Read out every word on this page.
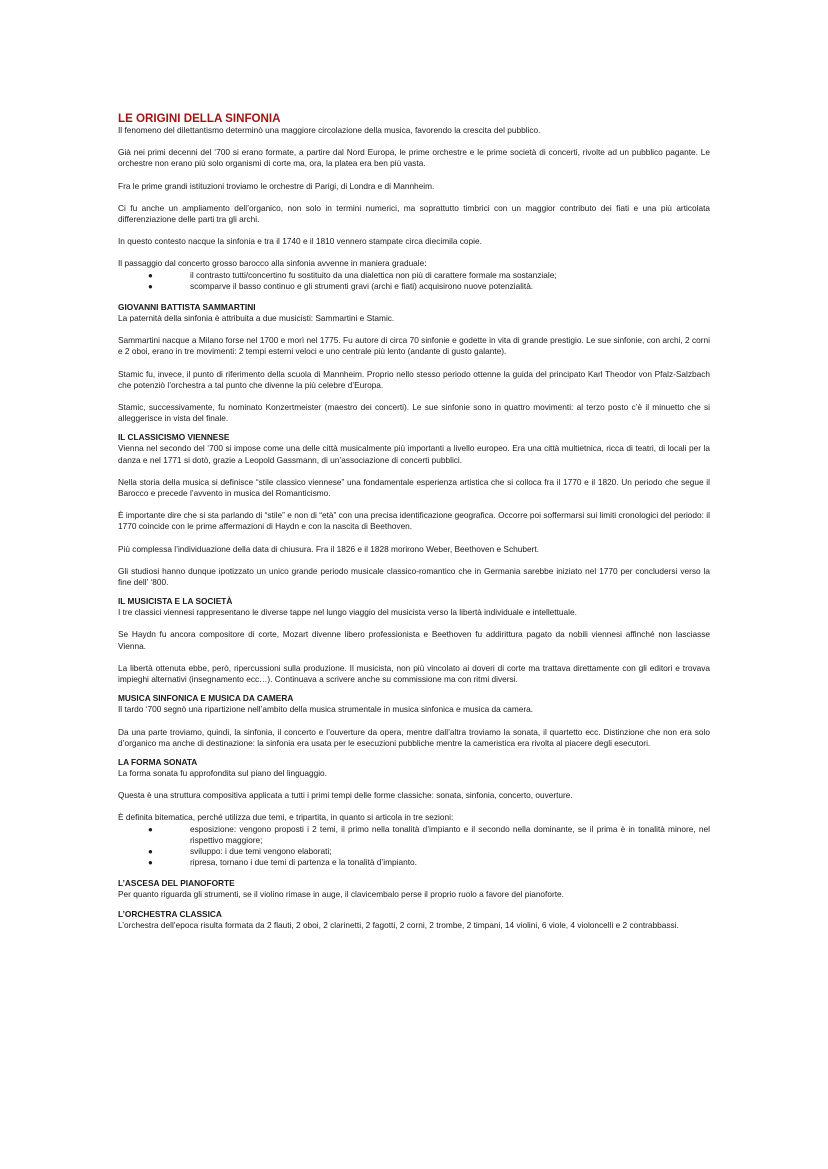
LE ORIGINI DELLA SINFONIA

Il fenomeno del dilettantismo determinò una maggiore circolazione della musica, favorendo la crescita del pubblico.

Già nei primi decenni del ‘700 si erano formate, a partire dal Nord Europa, le prime orchestre e le prime società di concerti, rivolte ad un pubblico pagante. Le orchestre non erano più solo organismi di corte ma, ora, la platea era ben più vasta.

Fra le prime grandi istituzioni troviamo le orchestre di Parigi, di Londra e di Mannheim.

Ci fu anche un ampliamento dell’organico, non solo in termini numerici, ma soprattutto timbrici con un maggior contributo dei fiati e una più articolata differenziazione delle parti tra gli archi.

In questo contesto nacque la sinfonia e tra il 1740 e il 1810 vennero stampate circa diecimila copie.

Il passaggio dal concerto grosso barocco alla sinfonia avvenne in maniera graduale:

●	il contrasto tutti/concertino fu sostituito da una dialettica non più di carattere formale ma sostanziale;
●	scomparve il basso continuo e gli strumenti gravi (archi e fiati) acquisirono nuove potenzialità.
GIOVANNI BATTISTA SAMMARTINI

La paternità della sinfonia è attribuita a due musicisti: Sammartini e Stamic.

Sammartini nacque a Milano forse nel 1700 e morì nel 1775. Fu autore di circa 70 sinfonie e godette in vita di grande prestigio. Le sue sinfonie, con archi, 2 corni e 2 oboi, erano in tre movimenti: 2 tempi esterni veloci e uno centrale più lento (andante di gusto galante).

Stamic fu, invece, il punto di riferimento della scuola di Mannheim. Proprio nello stesso periodo ottenne la guida del principato Karl Theodor von Pfalz-Salzbach che potenziò l’orchestra a tal punto che divenne la più celebre d’Europa.

Stamic, successivamente, fu nominato Konzertmeister (maestro dei concerti). Le sue sinfonie sono in quattro movimenti: al terzo posto c’è il minuetto che si alleggerisce in vista del finale.

IL CLASSICISMO VIENNESE

Vienna nel secondo del ‘700 si impose come una delle città musicalmente più importanti a livello europeo. Era una città multietnica, ricca di teatri, di locali per la danza e nel 1771 si dotò, grazie a Leopold Gassmann, di un’associazione di concerti pubblici.

Nella storia della musica si definisce “stile classico viennese” una fondamentale esperienza artistica che si colloca fra il 1770 e il 1820. Un periodo che segue il Barocco e precede l’avvento in musica del Romanticismo.

È importante dire che si sta parlando di “stile” e non di “età” con una precisa identificazione geografica. Occorre poi soffermarsi sui limiti cronologici del periodo: il 1770 coincide con le prime affermazioni di Haydn e con la nascita di Beethoven.

Più complessa l’individuazione della data di chiusura. Fra il 1826 e il 1828 morirono Weber, Beethoven e Schubert.

Gli studiosi hanno dunque ipotizzato un unico grande periodo musicale classico-romantico che in Germania sarebbe iniziato nel 1770 per concludersi verso la fine dell’ ‘800.

IL MUSICISTA E LA SOCIETÀ

I tre classici viennesi rappresentano le diverse tappe nel lungo viaggio del musicista verso la libertà individuale e intellettuale.

Se Haydn fu ancora compositore di corte, Mozart divenne libero professionista e Beethoven fu addirittura pagato da nobili viennesi affinché non lasciasse Vienna.

La libertà ottenuta ebbe, però, ripercussioni sulla produzione. Il musicista, non più vincolato ai doveri di corte ma trattava direttamente con gli editori e trovava impieghi alternativi (insegnamento ecc…). Continuava a scrivere anche su commissione ma con ritmi diversi.

MUSICA SINFONICA E MUSICA DA CAMERA

Il tardo ‘700 segnò una ripartizione nell’ambito della musica strumentale in musica sinfonica e musica da camera.

Da una parte troviamo, quindi, la sinfonia, il concerto e l’ouverture da opera, mentre dall’altra troviamo la sonata, il quartetto ecc. Distinzione che non era solo d’organico ma anche di destinazione: la sinfonia era usata per le esecuzioni pubbliche mentre la cameristica era rivolta al piacere degli esecutori.

LA FORMA SONATA

La forma sonata fu approfondita sul piano del linguaggio.

Questa è una struttura compositiva applicata a tutti i primi tempi delle forme classiche: sonata, sinfonia, concerto, ouverture.

È definita bitematica, perché utilizza due temi, e tripartita, in quanto si articola in tre sezioni:

●	esposizione: vengono proposti i 2 temi, il primo nella tonalità d’impianto e il secondo nella dominante, se il prima è in tonalità minore, nel rispettivo maggiore;
●	sviluppo: i due temi vengono elaborati;
●	ripresa, tornano i due temi di partenza e la tonalità d’impianto.
L’ASCESA DEL PIANOFORTE

Per quanto riguarda gli strumenti, se il violino rimase in auge, il clavicembalo perse il proprio ruolo a favore del pianoforte.

L’ORCHESTRA CLASSICA

L’orchestra dell’epoca risulta formata da 2 flauti, 2 oboi, 2 clarinetti, 2 fagotti, 2 corni, 2 trombe, 2 timpani, 14 violini, 6 viole, 4 violoncelli e 2 contrabbassi.
